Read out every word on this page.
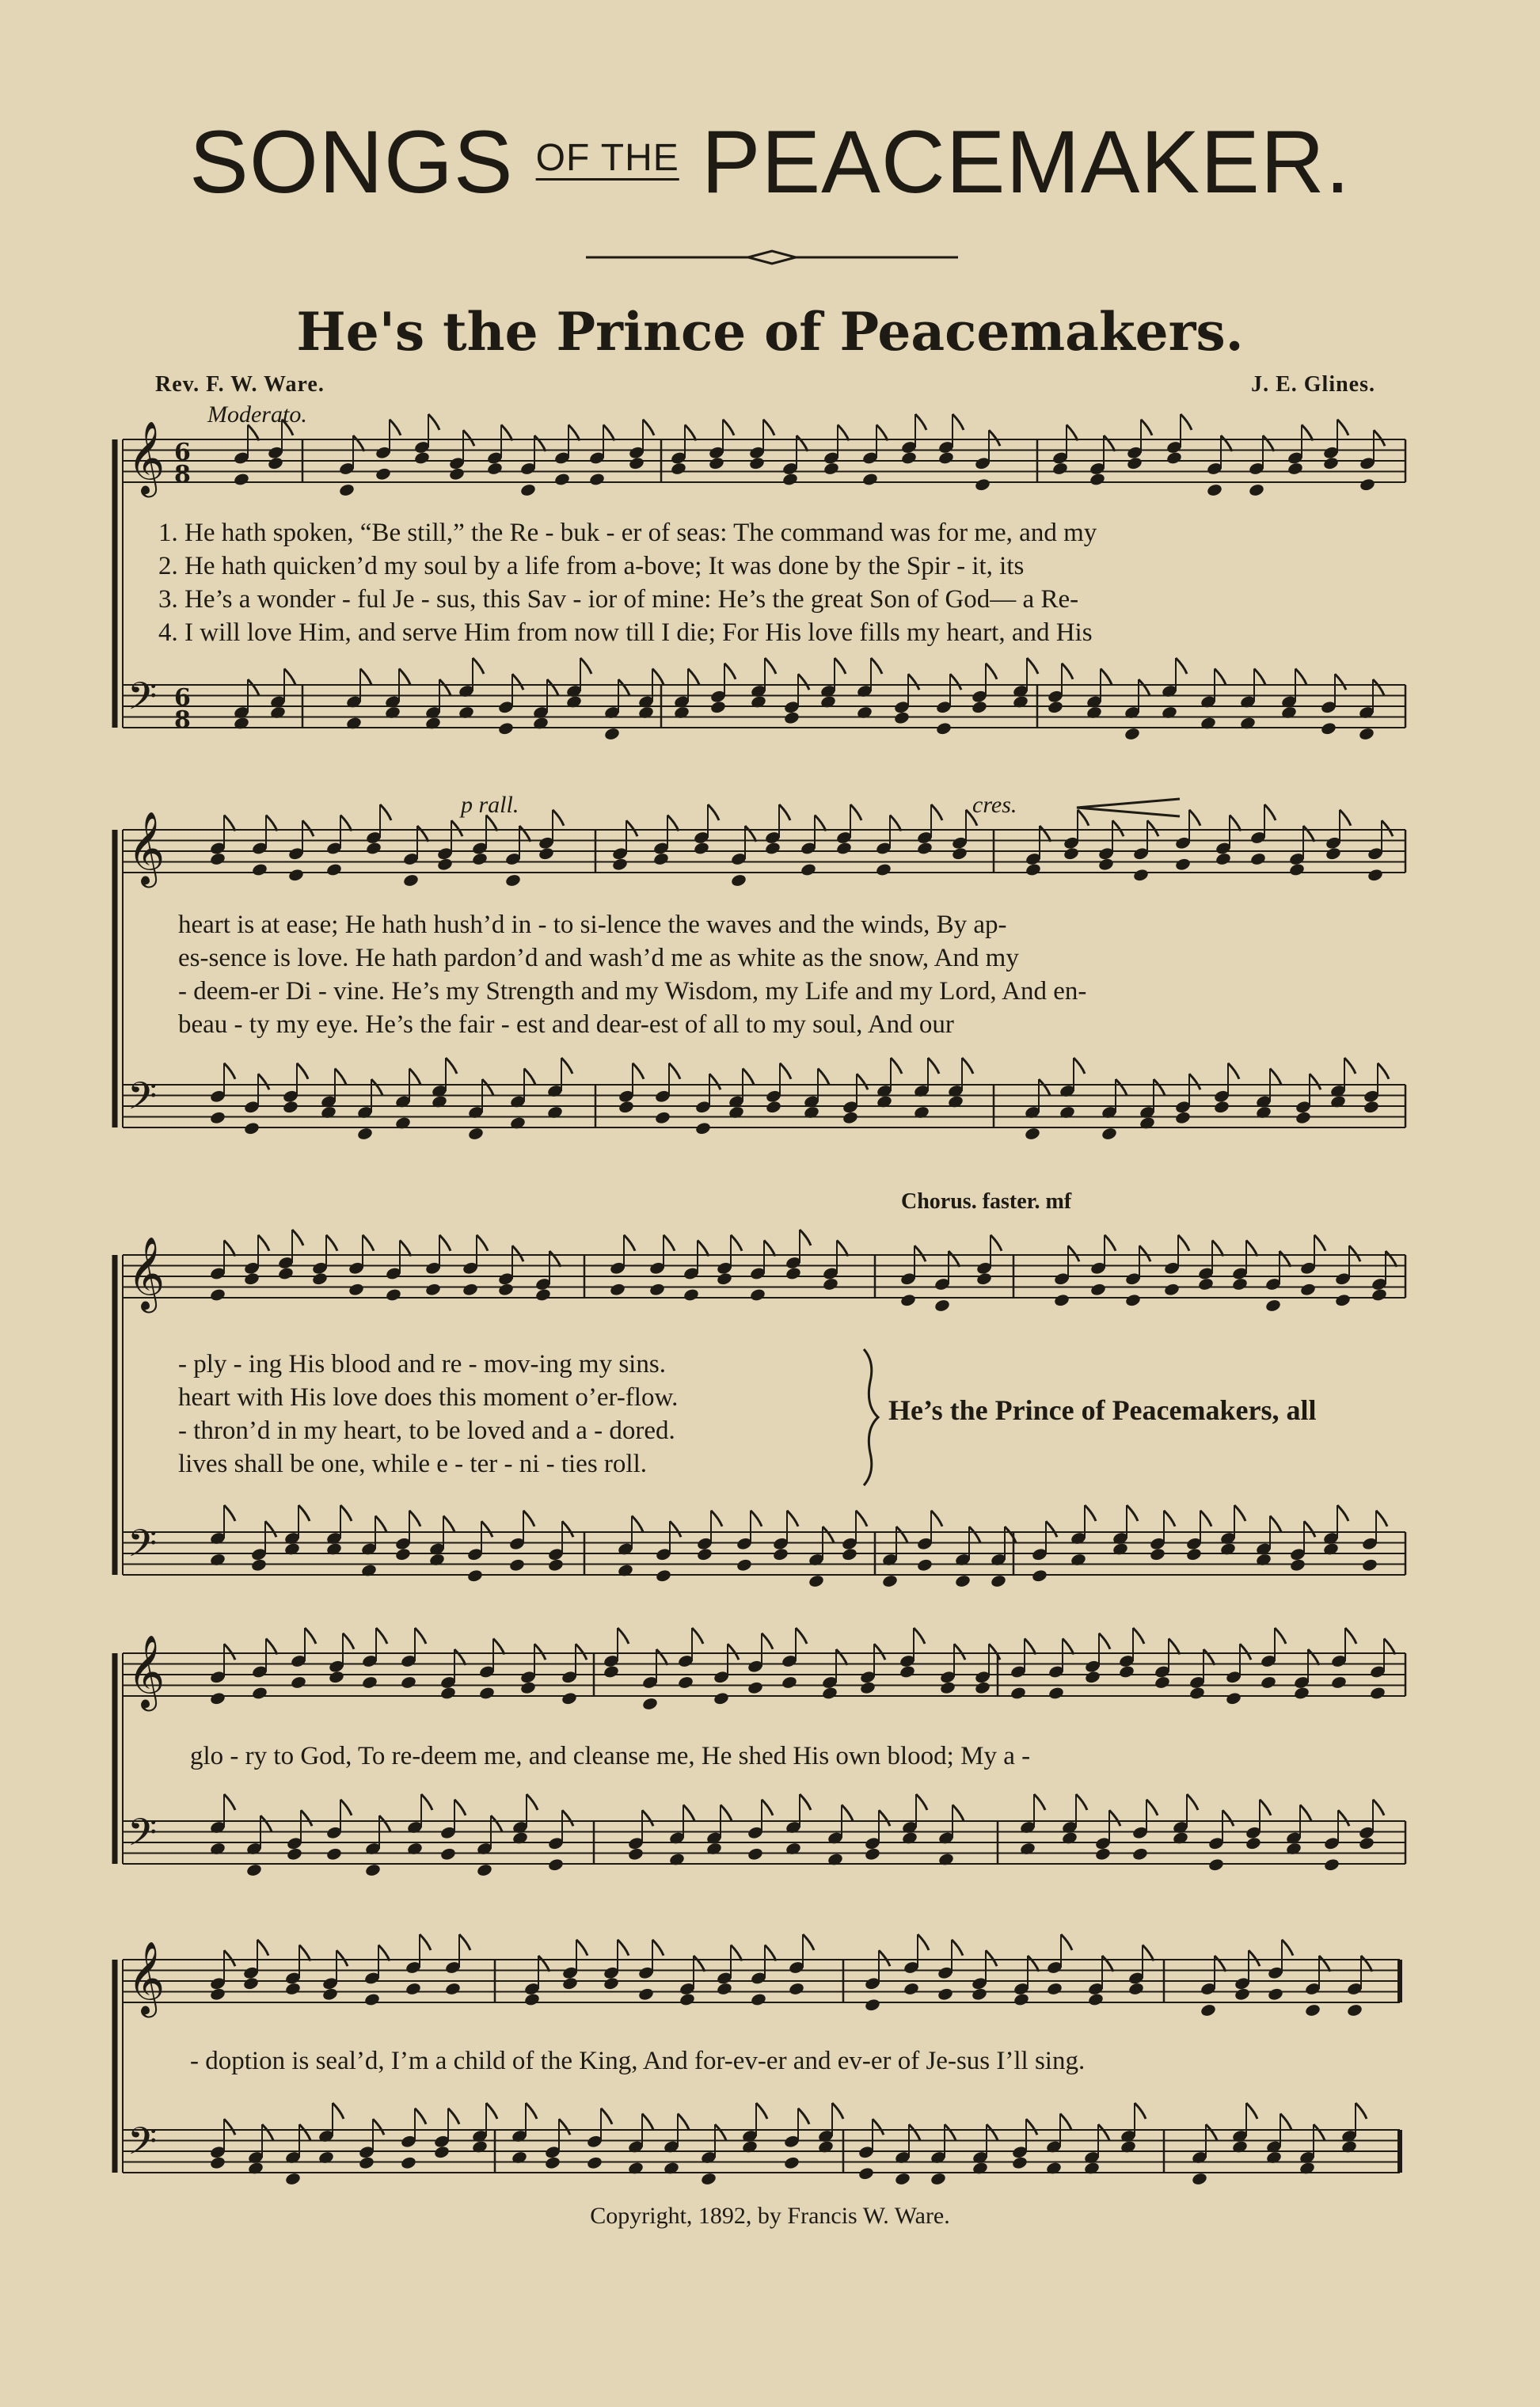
SONGS $^{OF THE}$ PEACEMAKER.
He's the Prince of Peacemakers.
Rev. F. W. Ware.	J. E. Glines.
Moderato.
p rall.	cres.
Chorus. faster. mf
𝄞
𝄢
𝄞
𝄢
𝄞
𝄢
𝄞
𝄢
𝄞
𝄢
6
8
6
8
1. He hath spoken, “Be still,” the Re - buk - er of seas: The command was for me, and my
2. He hath quicken’d my soul by a life from a-bove; It was done by the Spir - it, its
3. He’s a wonder - ful Je - sus, this Sav - ior of mine: He’s the great Son of God— a Re-
4. I will love Him, and serve Him from now till I die; For His love fills my heart, and His
heart is at ease; He hath hush’d in - to si-lence the waves and the winds, By ap-
es-sence is love. He hath pardon’d and wash’d me as white as the snow, And my
- deem-er Di - vine. He’s my Strength and my Wisdom, my Life and my Lord, And en-
beau - ty my eye. He’s the fair - est and dear-est of all to my soul, And our
- ply - ing His blood and re - mov-ing my sins.
heart with His love does this moment o’er-flow.
- thron’d in my heart, to be loved and a - dored.
lives shall be one, while e - ter - ni - ties roll.
He’s the Prince of Peacemakers, all
glo - ry to God, To re-deem me, and cleanse me, He shed His own blood; My a -
- doption is seal’d, I’m a child of the King, And for-ev-er and ev-er of Je-sus I’ll sing.
Copyright, 1892, by Francis W. Ware.
